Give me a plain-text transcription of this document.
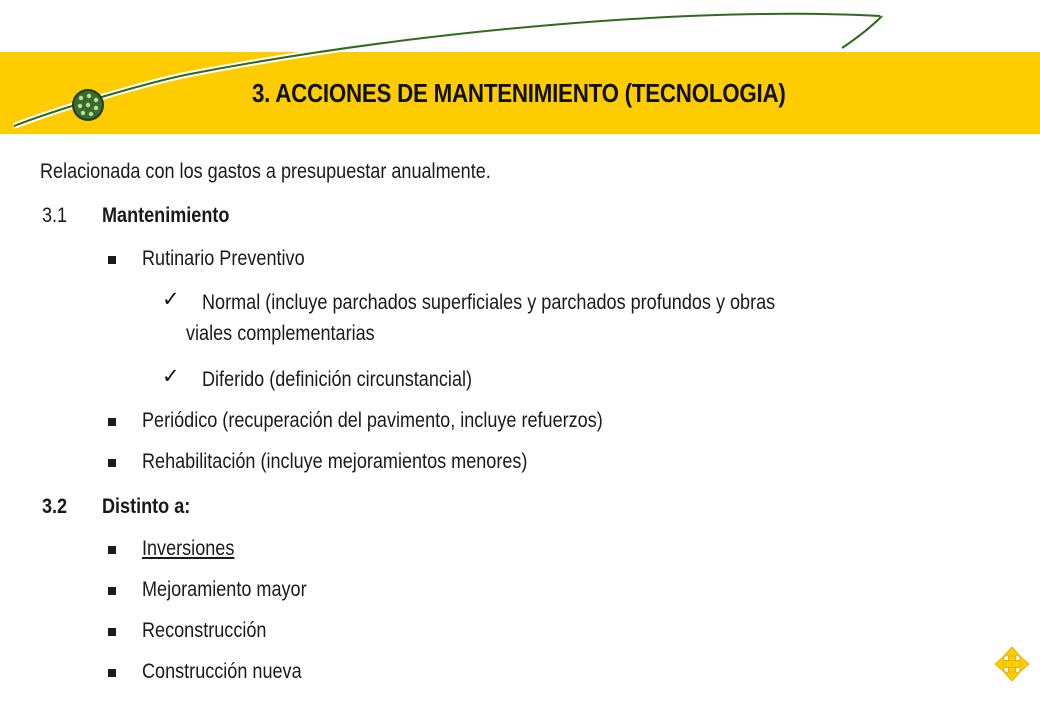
3. ACCIONES DE MANTENIMIENTO (TECNOLOGIA)
Relacionada con los gastos a presupuestar anualmente.
3.1 Mantenimiento
Rutinario Preventivo
✓ Normal (incluye parchados superficiales y parchados profundos y obras
viales complementarias
✓ Diferido (definición circunstancial)
Periódico (recuperación del pavimento, incluye refuerzos)
Rehabilitación (incluye mejoramientos menores)
3.2 Distinto a:
Inversiones
Mejoramiento mayor
Reconstrucción
Construcción nueva
